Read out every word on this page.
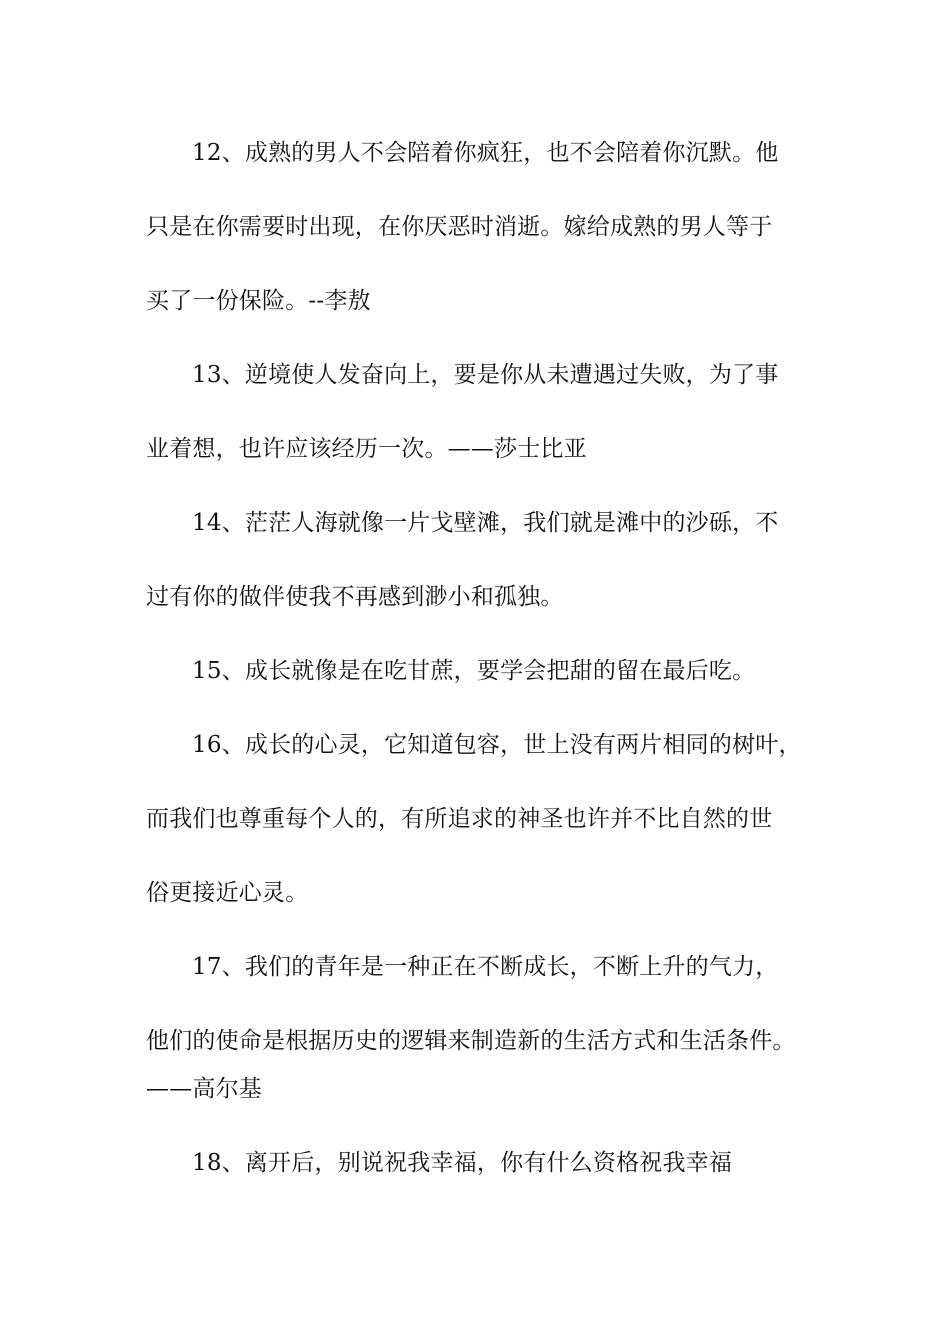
12、成熟的男人不会陪着你疯狂，也不会陪着你沉默。他
只是在你需要时出现，在你厌恶时消逝。嫁给成熟的男人等于
买了一份保险。--李敖
13、逆境使人发奋向上，要是你从未遭遇过失败，为了事
业着想，也许应该经历一次。——莎士比亚
14、茫茫人海就像一片戈壁滩，我们就是滩中的沙砾，不
过有你的做伴使我不再感到渺小和孤独。
15、成长就像是在吃甘蔗，要学会把甜的留在最后吃。
16、成长的心灵，它知道包容，世上没有两片相同的树叶，
而我们也尊重每个人的，有所追求的神圣也许并不比自然的世
俗更接近心灵。
17、我们的青年是一种正在不断成长，不断上升的气力，
他们的使命是根据历史的逻辑来制造新的生活方式和生活条件。
——高尔基
18、离开后，别说祝我幸福，你有什么资格祝我幸福
